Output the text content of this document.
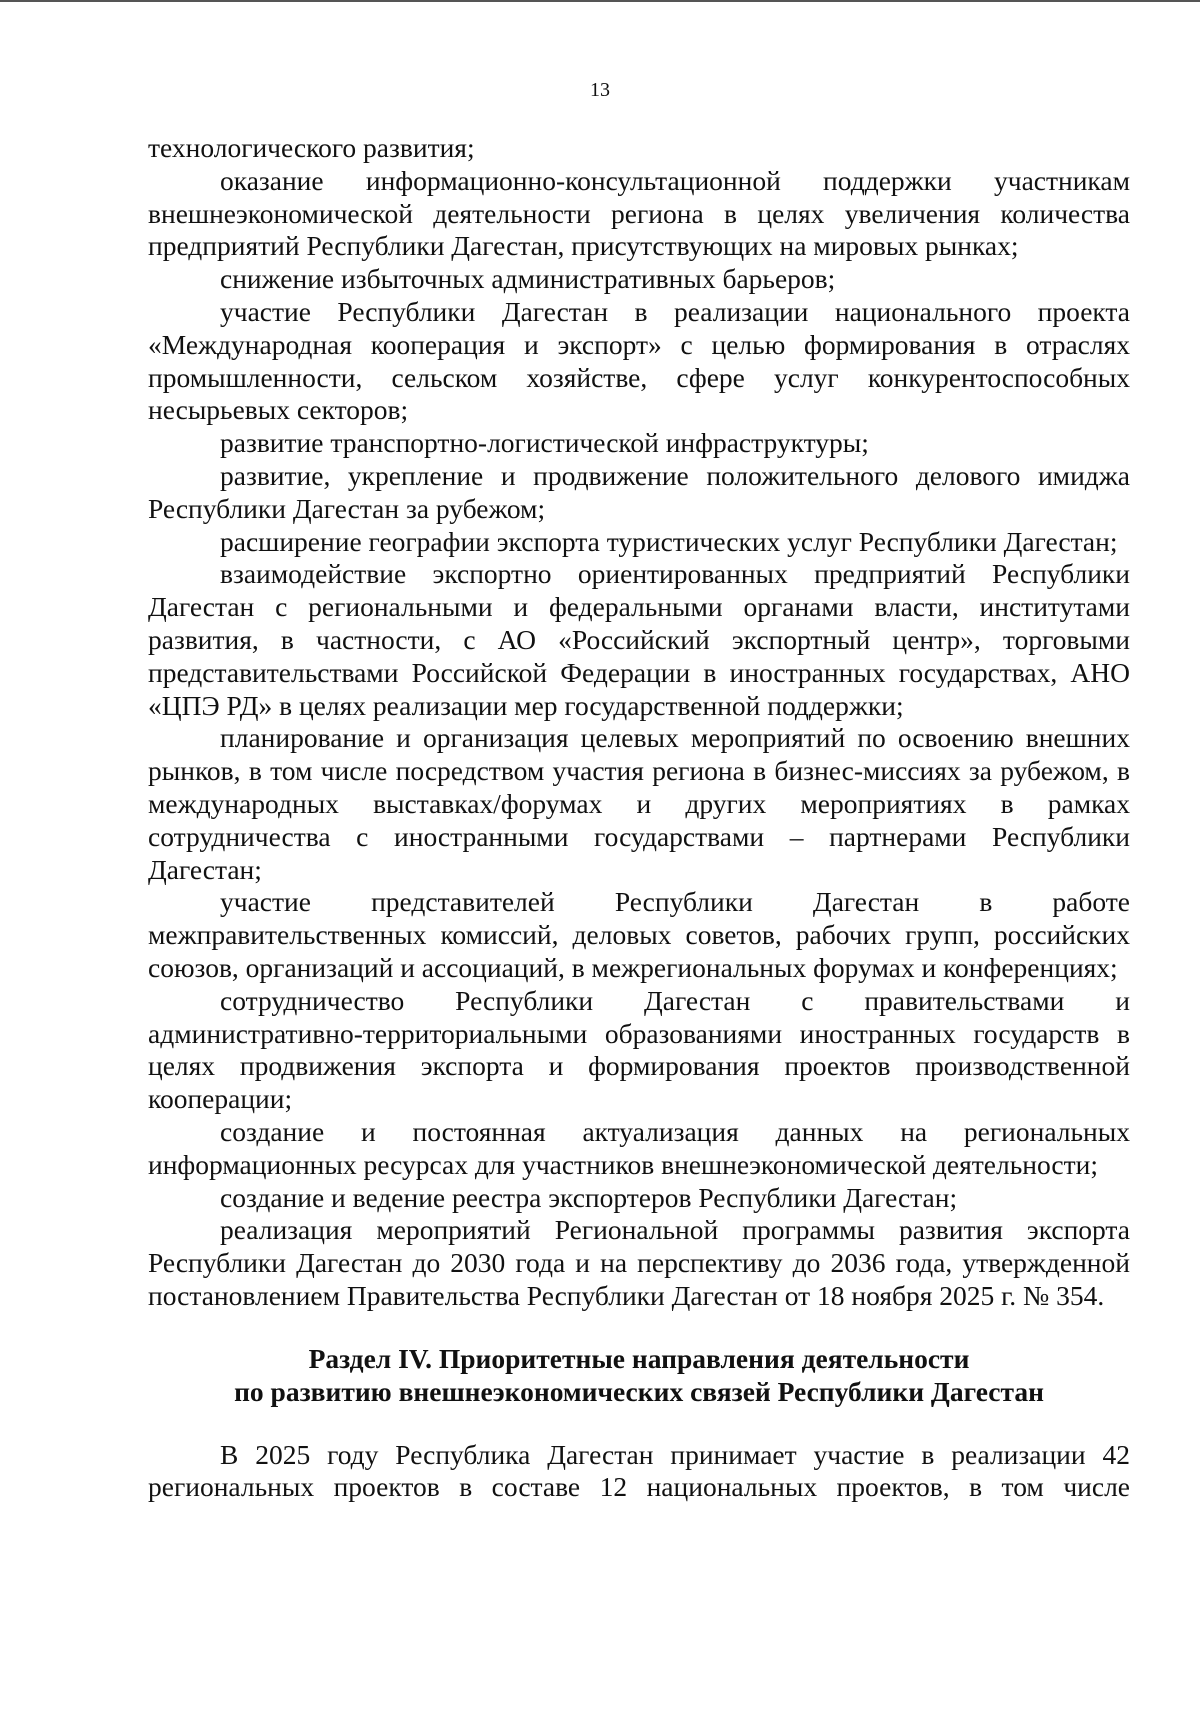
13

технологического развития;

оказание информационно-консультационной поддержки участникам внешнеэкономической деятельности региона в целях увеличения количества предприятий Республики Дагестан, присутствующих на мировых рынках;

снижение избыточных административных барьеров;

участие Республики Дагестан в реализации национального проекта «Международная кооперация и экспорт» с целью формирования в отраслях промышленности, сельском хозяйстве, сфере услуг конкурентоспособных несырьевых секторов;

развитие транспортно-логистической инфраструктуры;

развитие, укрепление и продвижение положительного делового имиджа Республики Дагестан за рубежом;

расширение географии экспорта туристических услуг Республики Дагестан;

взаимодействие экспортно ориентированных предприятий Республики Дагестан с региональными и федеральными органами власти, институтами развития, в частности, с АО «Российский экспортный центр», торговыми представительствами Российской Федерации в иностранных государствах, АНО «ЦПЭ РД» в целях реализации мер государственной поддержки;

планирование и организация целевых мероприятий по освоению внешних рынков, в том числе посредством участия региона в бизнес-миссиях за рубежом, в международных выставках/форумах и других мероприятиях в рамках сотрудничества с иностранными государствами – партнерами Республики Дагестан;

участие представителей Республики Дагестан в работе межправительственных комиссий, деловых советов, рабочих групп, российских союзов, организаций и ассоциаций, в межрегиональных форумах и конференциях;

сотрудничество Республики Дагестан с правительствами и административно-территориальными образованиями иностранных государств в целях продвижения экспорта и формирования проектов производственной кооперации;

создание и постоянная актуализация данных на региональных информационных ресурсах для участников внешнеэкономической деятельности;

создание и ведение реестра экспортеров Республики Дагестан;

реализация мероприятий Региональной программы развития экспорта Республики Дагестан до 2030 года и на перспективу до 2036 года, утвержденной постановлением Правительства Республики Дагестан от 18 ноября 2025 г. № 354.

Раздел IV. Приоритетные направления деятельности
по развитию внешнеэкономических связей Республики Дагестан

В 2025 году Республика Дагестан принимает участие в реализации 42 региональных проектов в составе 12 национальных проектов, в том числе
